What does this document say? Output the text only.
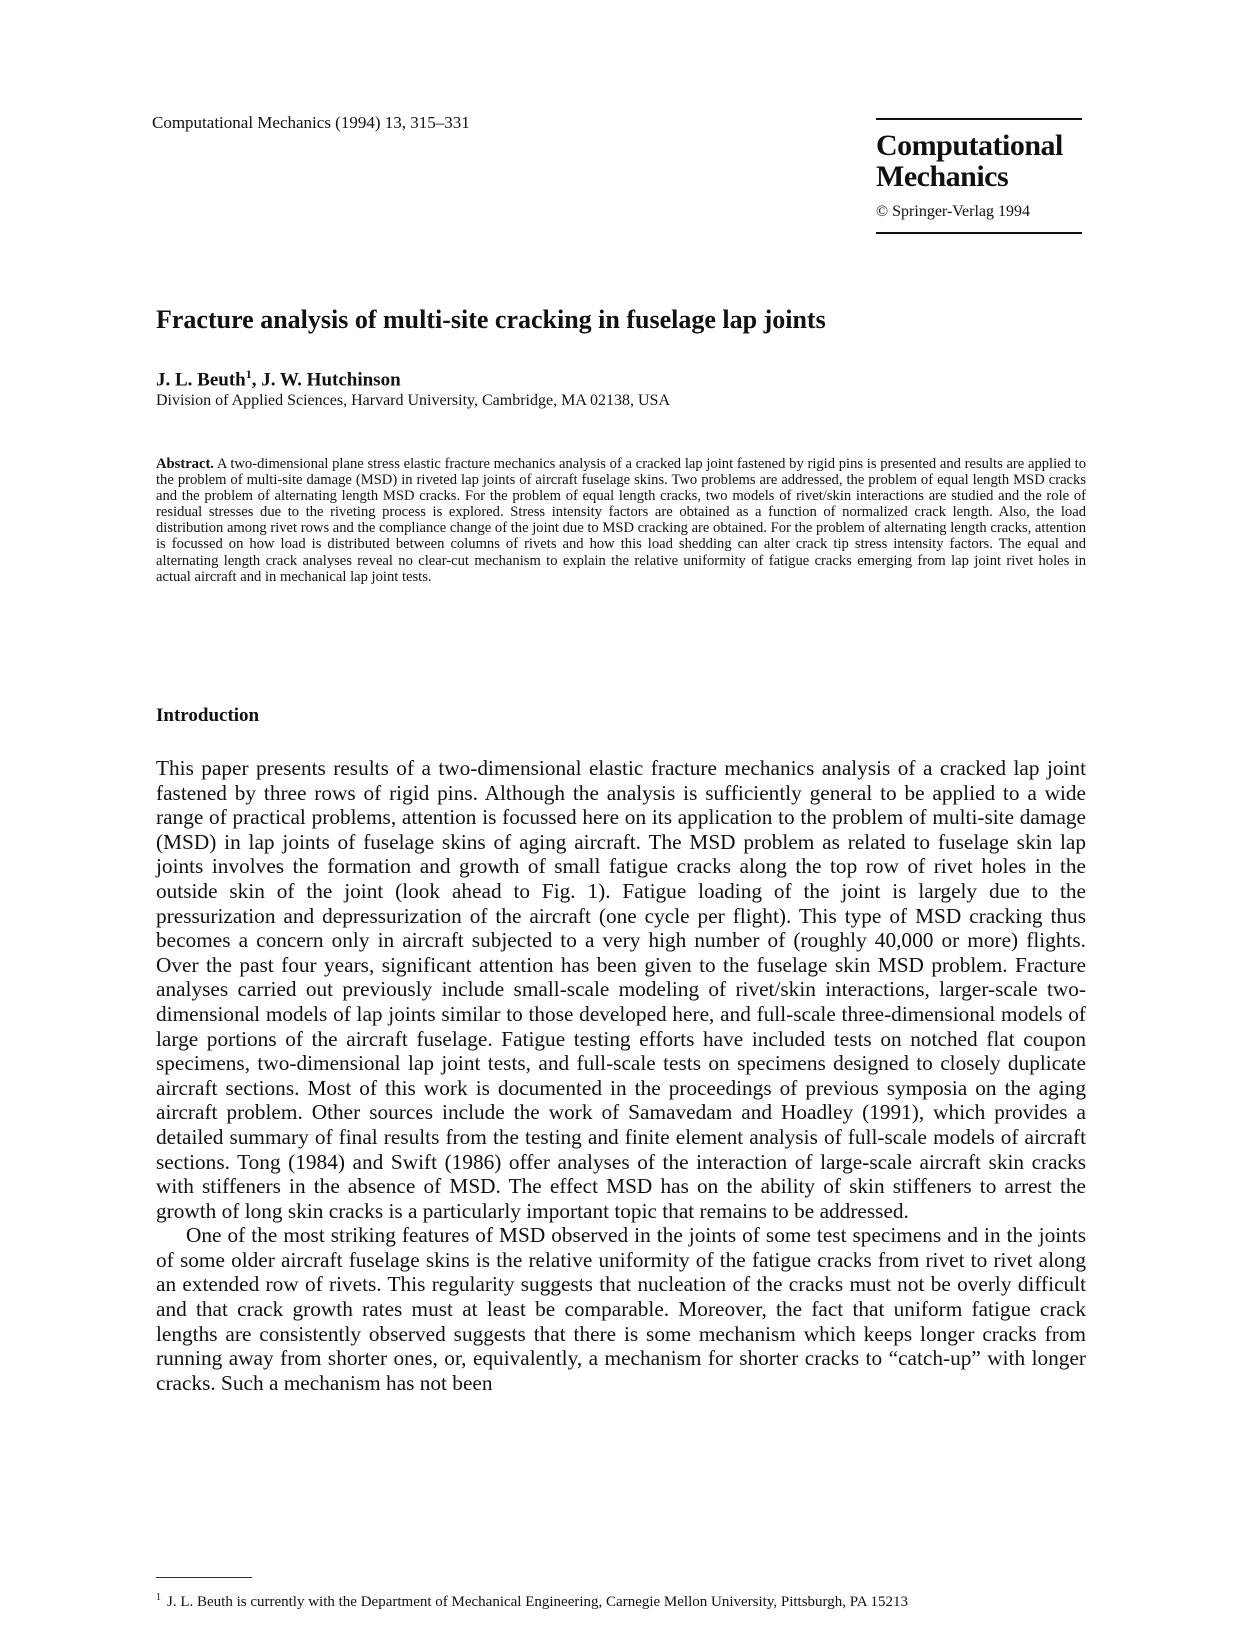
Computational Mechanics (1994) 13, 315–331
Computational
Mechanics
© Springer-Verlag 1994
Fracture analysis of multi-site cracking in fuselage lap joints
J. L. Beuth$^1$, J. W. Hutchinson
Division of Applied Sciences, Harvard University, Cambridge, MA 02138, USA

Abstract. A two-dimensional plane stress elastic fracture mechanics analysis of a cracked lap joint fastened by rigid pins is presented and results are applied to the problem of multi-site damage (MSD) in riveted lap joints of aircraft fuselage skins. Two problems are addressed, the problem of equal length MSD cracks and the problem of alternating length MSD cracks. For the problem of equal length cracks, two models of rivet/skin interactions are studied and the role of residual stresses due to the riveting process is explored. Stress intensity factors are obtained as a function of normalized crack length. Also, the load distribution among rivet rows and the compliance change of the joint due to MSD cracking are obtained. For the problem of alternating length cracks, attention is focussed on how load is distributed between columns of rivets and how this load shedding can alter crack tip stress intensity factors. The equal and alternating length crack analyses reveal no clear-cut mechanism to explain the relative uniformity of fatigue cracks emerging from lap joint rivet holes in actual aircraft and in mechanical lap joint tests.

Introduction

This paper presents results of a two-dimensional elastic fracture mechanics analysis of a cracked lap joint fastened by three rows of rigid pins. Although the analysis is sufficiently general to be applied to a wide range of practical problems, attention is focussed here on its application to the problem of multi-site damage (MSD) in lap joints of fuselage skins of aging aircraft. The MSD problem as related to fuselage skin lap joints involves the formation and growth of small fatigue cracks along the top row of rivet holes in the outside skin of the joint (look ahead to Fig. 1). Fatigue loading of the joint is largely due to the pressurization and depressurization of the aircraft (one cycle per flight). This type of MSD cracking thus becomes a concern only in aircraft subjected to a very high number of (roughly 40,000 or more) flights. Over the past four years, significant attention has been given to the fuselage skin MSD problem. Fracture analyses carried out previously include small-scale modeling of rivet/skin interactions, larger-scale two-dimensional models of lap joints similar to those developed here, and full-scale three-dimensional models of large portions of the aircraft fuselage. Fatigue testing efforts have included tests on notched flat coupon specimens, two-dimensional lap joint tests, and full-scale tests on specimens designed to closely duplicate aircraft sections. Most of this work is documented in the proceedings of previous symposia on the aging aircraft problem. Other sources include the work of Samavedam and Hoadley (1991), which provides a detailed summary of final results from the testing and finite element analysis of full-scale models of aircraft sections. Tong (1984) and Swift (1986) offer analyses of the interaction of large-scale aircraft skin cracks with stiffeners in the absence of MSD. The effect MSD has on the ability of skin stiffeners to arrest the growth of long skin cracks is a particularly important topic that remains to be addressed.

One of the most striking features of MSD observed in the joints of some test specimens and in the joints of some older aircraft fuselage skins is the relative uniformity of the fatigue cracks from rivet to rivet along an extended row of rivets. This regularity suggests that nucleation of the cracks must not be overly difficult and that crack growth rates must at least be comparable. Moreover, the fact that uniform fatigue crack lengths are consistently observed suggests that there is some mechanism which keeps longer cracks from running away from shorter ones, or, equivalently, a mechanism for shorter cracks to “catch-up” with longer cracks. Such a mechanism has not been

$^1$ J. L. Beuth is currently with the Department of Mechanical Engineering, Carnegie Mellon University, Pittsburgh, PA 15213
